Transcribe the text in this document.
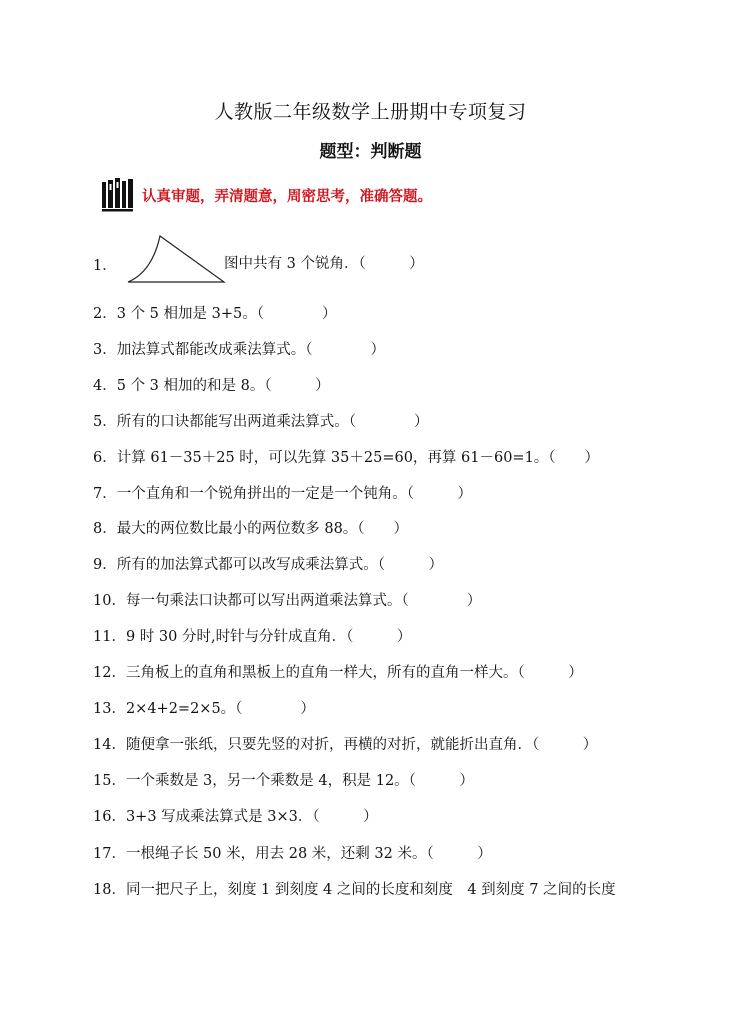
人教版二年级数学上册期中专项复习
题型：判断题
认真审题，弄清题意，周密思考，准确答题。
1．	图中共有 3 个锐角．（　　　）
2．3 个 5 相加是 3+5。（　　　　）
3．加法算式都能改成乘法算式。（　　　　）
4．5 个 3 相加的和是 8。（　　　）
5．所有的口诀都能写出两道乘法算式。（　　　　）
6．计算 61－35＋25 时，可以先算 35＋25=60，再算 61－60=1。（　　）
7．一个直角和一个锐角拼出的一定是一个钝角。（　　　）
8．最大的两位数比最小的两位数多 88。（　　）
9．所有的加法算式都可以改写成乘法算式。（　　　）
10．每一句乘法口诀都可以写出两道乘法算式。（　　　　）
11．9 时 30 分时,时针与分针成直角．（　　　）
12．三角板上的直角和黑板上的直角一样大，所有的直角一样大。（　　　）
13．2×4+2=2×5。（　　　　）
14．随便拿一张纸，只要先竖的对折，再横的对折，就能折出直角．（　　　）
15．一个乘数是 3，另一个乘数是 4，积是 12。（　　　）
16．3+3 写成乘法算式是 3×3．（　　　）
17．一根绳子长 50 米，用去 28 米，还剩 32 米。（　　　）
18．同一把尺子上，刻度 1 到刻度 4 之间的长度和刻度　4 到刻度 7 之间的长度
